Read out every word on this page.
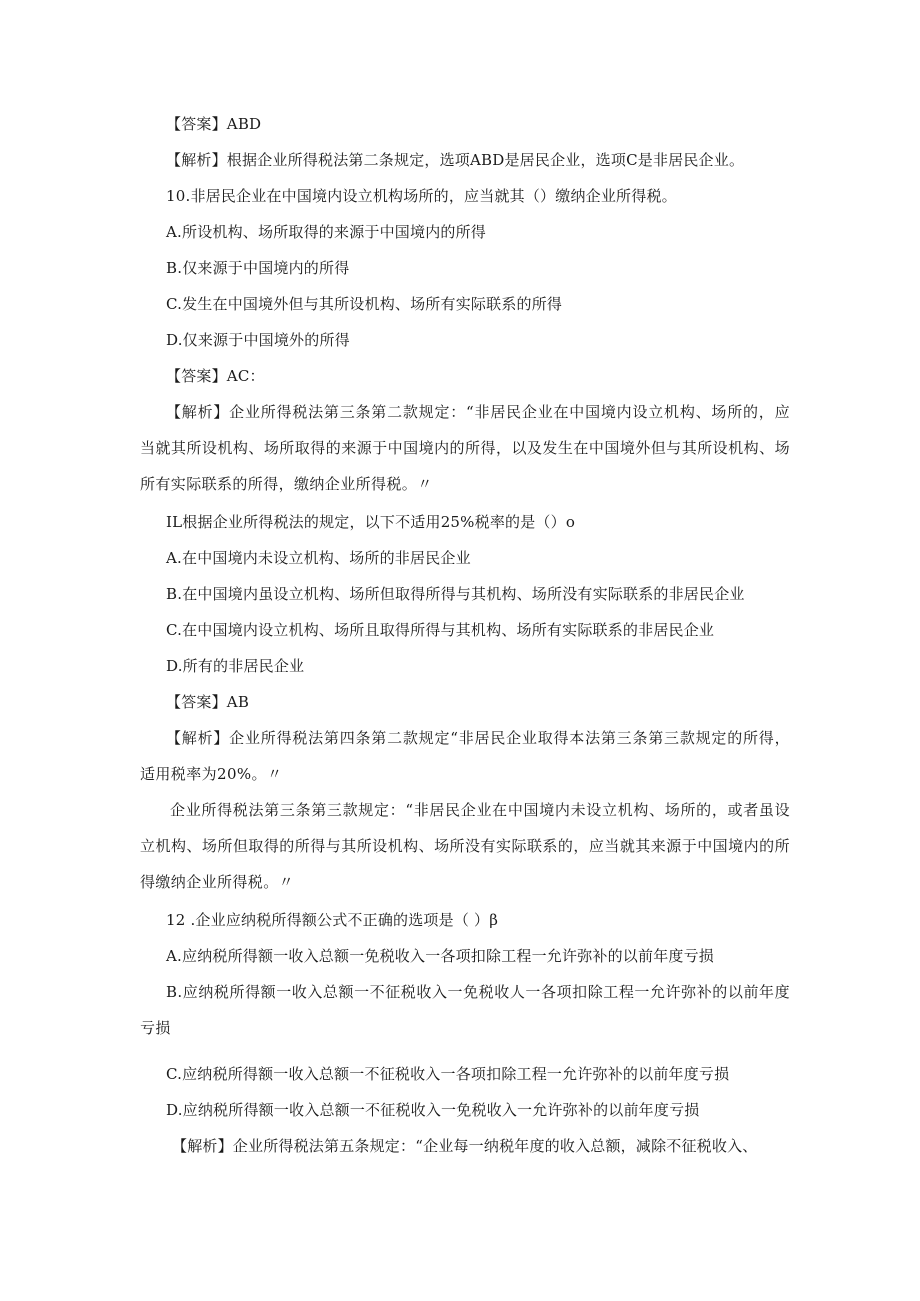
【答案】ABD
【解析】根据企业所得税法第二条规定，选项ABD是居民企业，选项C是非居民企业。
10.非居民企业在中国境内设立机构场所的，应当就其（）缴纳企业所得税。
A.所设机构、场所取得的来源于中国境内的所得
B.仅来源于中国境内的所得
C.发生在中国境外但与其所设机构、场所有实际联系的所得
D.仅来源于中国境外的所得
【答案】AC：
【解析】企业所得税法第三条第二款规定：“非居民企业在中国境内设立机构、场所的，应当就其所设机构、场所取得的来源于中国境内的所得，以及发生在中国境外但与其所设机构、场所有实际联系的所得，缴纳企业所得税。〃
IL根据企业所得税法的规定，以下不适用25%税率的是（）o
A.在中国境内未设立机构、场所的非居民企业
B.在中国境内虽设立机构、场所但取得所得与其机构、场所没有实际联系的非居民企业
C.在中国境内设立机构、场所且取得所得与其机构、场所有实际联系的非居民企业
D.所有的非居民企业
【答案】AB
【解析】企业所得税法第四条第二款规定“非居民企业取得本法第三条第三款规定的所得，适用税率为20%。〃
企业所得税法第三条第三款规定：“非居民企业在中国境内未设立机构、场所的，或者虽设立机构、场所但取得的所得与其所设机构、场所没有实际联系的，应当就其来源于中国境内的所得缴纳企业所得税。〃
12 .企业应纳税所得额公式不正确的选项是（ ）β
A.应纳税所得额一收入总额一免税收入一各项扣除工程一允许弥补的以前年度亏损
B.应纳税所得额一收入总额一不征税收入一免税收人一各项扣除工程一允许弥补的以前年度亏损
C.应纳税所得额一收入总额一不征税收入一各项扣除工程一允许弥补的以前年度亏损
D.应纳税所得额一收入总额一不征税收入一免税收入一允许弥补的以前年度亏损
【解析】企业所得税法第五条规定：“企业每一纳税年度的收入总额，减除不征税收入、
